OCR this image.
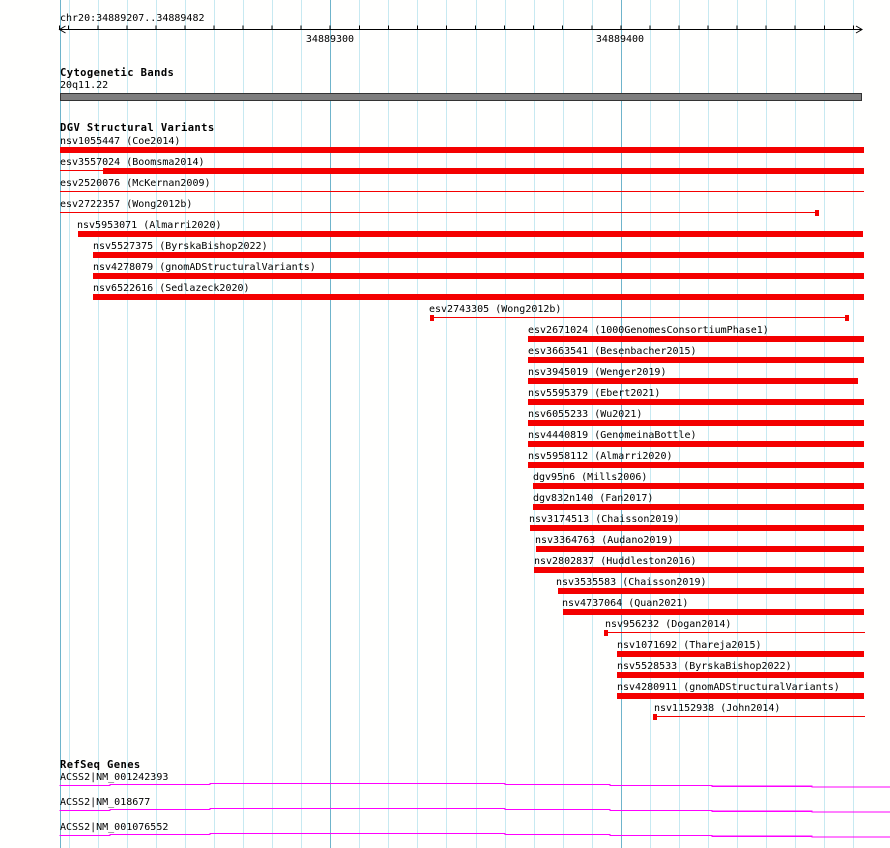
chr20:34889207..34889482
34889300	34889400
Cytogenetic Bands
20q11.22
DGV Structural Variants
nsv1055447 (Coe2014)
esv3557024 (Boomsma2014)
esv2520076 (McKernan2009)
esv2722357 (Wong2012b)
nsv5953071 (Almarri2020)
nsv5527375 (ByrskaBishop2022)
nsv4278079 (gnomADStructuralVariants)
nsv6522616 (Sedlazeck2020)
esv2743305 (Wong2012b)
esv2671024 (1000GenomesConsortiumPhase1)
esv3663541 (Besenbacher2015)
nsv3945019 (Wenger2019)
nsv5595379 (Ebert2021)
nsv6055233 (Wu2021)
nsv4440819 (GenomeinaBottle)
nsv5958112 (Almarri2020)
dgv95n6 (Mills2006)
dgv832n140 (Fan2017)
nsv3174513 (Chaisson2019)
nsv3364763 (Audano2019)
nsv2802837 (Huddleston2016)
nsv3535583 (Chaisson2019)
nsv4737064 (Quan2021)
nsv956232 (Dogan2014)
nsv1071692 (Thareja2015)
nsv5528533 (ByrskaBishop2022)
nsv4280911 (gnomADStructuralVariants)
nsv1152938 (John2014)
RefSeq Genes
ACSS2|NM_001242393
ACSS2|NM_018677
ACSS2|NM_001076552
